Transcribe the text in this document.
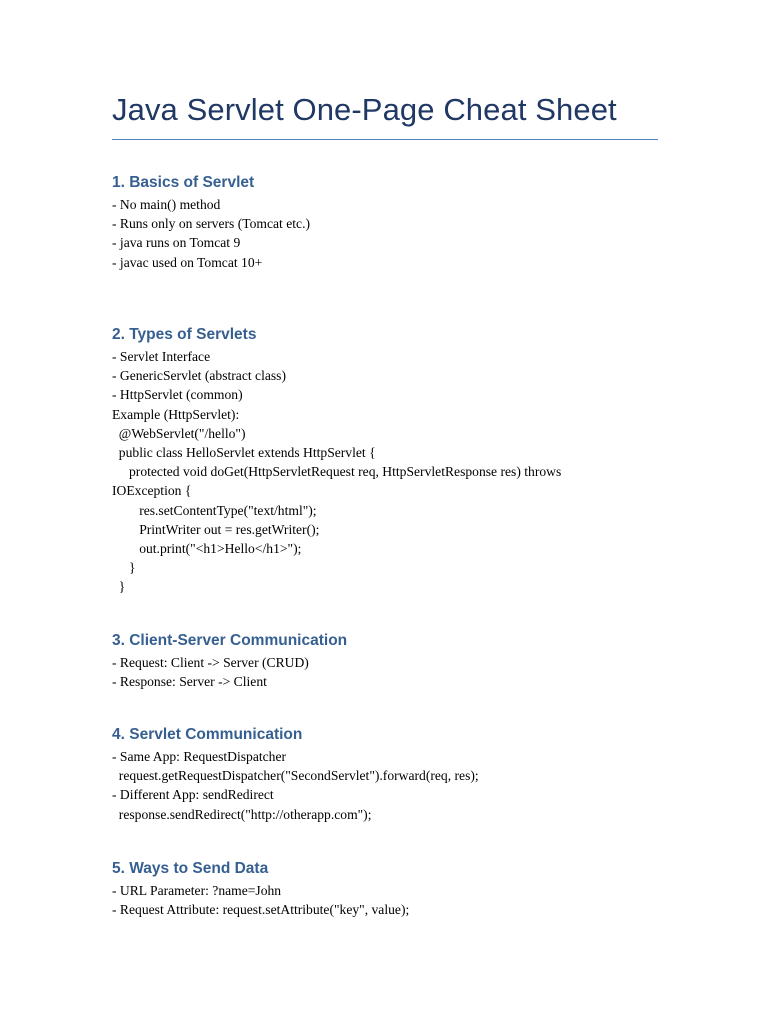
Java Servlet One-Page Cheat Sheet
1. Basics of Servlet
- No main() method
- Runs only on servers (Tomcat etc.)
- java runs on Tomcat 9
- javac used on Tomcat 10+
2. Types of Servlets
- Servlet Interface
- GenericServlet (abstract class)
- HttpServlet (common)
Example (HttpServlet):
@WebServlet("/hello")
public class HelloServlet extends HttpServlet {
protected void doGet(HttpServletRequest req, HttpServletResponse res) throws
IOException {
res.setContentType("text/html");
PrintWriter out = res.getWriter();
out.print("<h1>Hello</h1>");
}
}
3. Client-Server Communication
- Request: Client -> Server (CRUD)
- Response: Server -> Client
4. Servlet Communication
- Same App: RequestDispatcher
request.getRequestDispatcher("SecondServlet").forward(req, res);
- Different App: sendRedirect
response.sendRedirect("http://otherapp.com");
5. Ways to Send Data
- URL Parameter: ?name=John
- Request Attribute: request.setAttribute("key", value);
